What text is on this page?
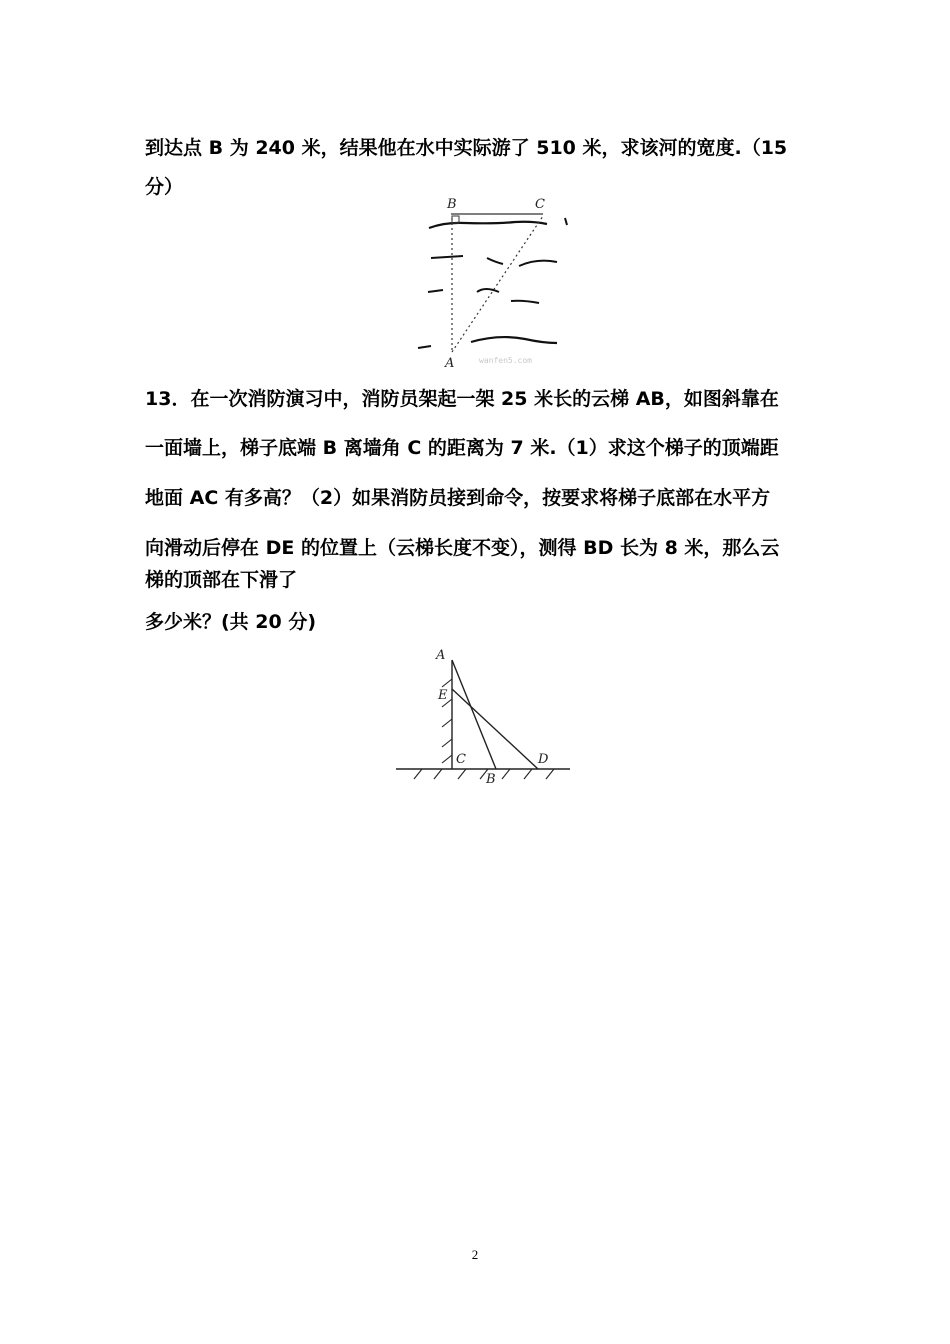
到达点 B 为 240 米，结果他在水中实际游了 510 米，求该河的宽度.（15
分）
B	C
A	wanfen5.com
13．在一次消防演习中，消防员架起一架 25 米长的云梯 AB，如图斜靠在
一面墙上，梯子底端 B 离墙角 C 的距离为 7 米.（1）求这个梯子的顶端距
地面 AC 有多高？（2）如果消防员接到命令，按要求将梯子底部在水平方
向滑动后停在 DE 的位置上（云梯长度不变），测得 BD 长为 8 米，那么云
梯的顶部在下滑了
多少米？(共 20 分)
A
E
C
B
D
2
